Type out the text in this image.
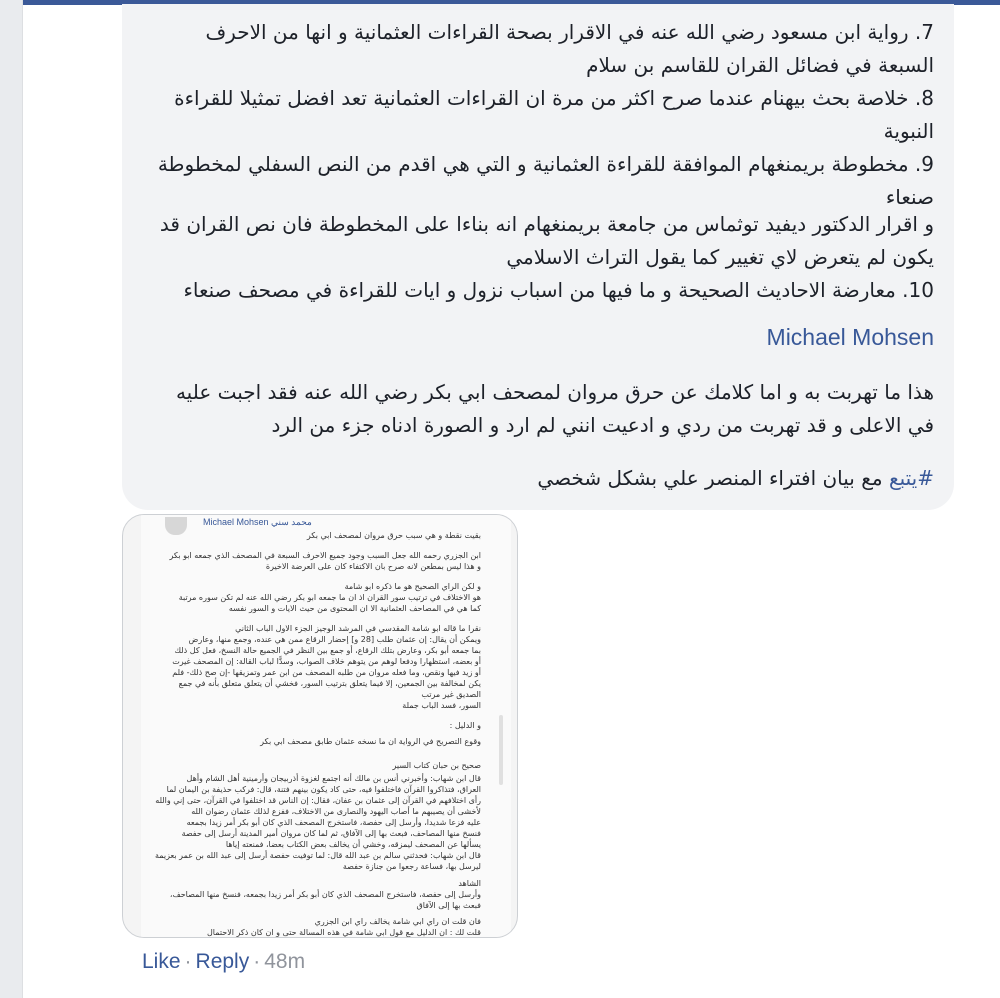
7. رواية ابن مسعود رضي الله عنه في الاقرار بصحة القراءات العثمانية و انها من الاحرف
السبعة في فضائل القران للقاسم بن سلام
8. خلاصة بحث بيهنام عندما صرح اكثر من مرة ان القراءات العثمانية تعد افضل تمثيلا للقراءة
النبوية
9. مخطوطة بريمنغهام الموافقة للقراءة العثمانية و التي هي اقدم من النص السفلي لمخطوطة
صنعاء
و اقرار الدكتور ديفيد توثماس من جامعة بريمنغهام انه بناءا على المخطوطة فان نص القران قد
يكون لم يتعرض لاي تغيير كما يقول التراث الاسلامي
10. معارضة الاحاديث الصحيحة و ما فيها من اسباب نزول و ايات للقراءة في مصحف صنعاء
Michael Mohsen
هذا ما تهربت به و اما كلامك عن حرق مروان لمصحف ابي بكر رضي الله عنه فقد اجبت عليه
في الاعلى و قد تهربت من ردي و ادعيت انني لم ارد و الصورة ادناه جزء من الرد
#يتبع مع بيان افتراء المنصر علي بشكل شخصي
Michael Mohsen محمد سني
بقيت نقطة و هي سبب حرق مروان لمصحف ابي بكر
ابن الجزري رحمه الله جعل السبب وجود جميع الاحرف السبعة في المصحف الذي جمعه ابو بكر
و هذا ليس بمطعن لانه صرح بان الاكتفاء كان على العرضة الاخيرة
و لكن الراي الصحيح هو ما ذكره ابو شامة
هو الاختلاف في ترتيب سور القران اذ ان ما جمعه ابو بكر رضي الله عنه لم تكن سوره مرتبة
كما هي في المصاحف العثمانية الا ان المحتوى من حيث الايات و السور نفسه
نقرا ما قاله ابو شامة المقدسي في المرشد الوجيز الجزء الاول الباب الثاني
ويمكن أن يقال: إن عثمان طلب [28 و] إحضار الرقاع ممن هي عنده، وجمع منها، وعارض
بما جمعه أبو بكر، وعارض بتلك الرقاع، أو جمع بين النظر في الجميع حالة النسخ، فعل كل ذلك
أو بعضه، استظهارا ودفعا لوهم من يتوهم خلاف الصواب، وسدًّا لباب القالة: إن المصحف غيرت
أو زيد فيها ونقص، وما فعله مروان من طلبه المصحف من ابن عمر وتمزيقها -إن صح ذلك- فلم
يكن لمخالفة بين الجمعين، إلا فيما يتعلق بترتيب السور، فخشي أن يتعلق متعلق بأنه في جمع
الصديق غير مرتب
السور، فسد الباب جملة
و الدليل :
وقوع التصريح في الرواية ان ما نسخه عثمان طابق مصحف ابي بكر
صحيح بن حبان كتاب السير
قال ابن شهاب: وأخبرني أنس بن مالك أنه اجتمع لغزوة أذربيجان وأرمينية أهل الشام وأهل
العراق، فتذاكروا القرآن فاختلفوا فيه، حتى كاد يكون بينهم فتنة، قال: فركب حذيفة بن اليمان لما
رأى اختلافهم في القرآن إلى عثمان بن عفان، فقال: إن الناس قد اختلفوا في القرآن، حتى إني والله
لأخشى أن يصيبهم ما أصاب اليهود والنصارى من الاختلاف، ففزع لذلك عثمان رضوان الله
عليه فزعا شديدا، وأرسل إلى حفصة، فاستخرج المصحف الذي كان أبو بكر أمر زيدا بجمعه
فنسخ منها المصاحف، فبعث بها إلى الآفاق، ثم لما كان مروان أمير المدينة أرسل إلى حفصة
يسألها عن المصحف ليمزقه، وخشي أن يخالف بعض الكتاب بعضا، فمنعته إياها
قال ابن شهاب: فحدثني سالم بن عبد الله قال: لما توفيت حفصة أرسل إلى عبد الله بن عمر بعزيمة
ليرسل بها، فساعة رجعوا من جنازة حفصة
الشاهد
وأرسل إلى حفصة، فاستخرج المصحف الذي كان أبو بكر أمر زيدا بجمعه، فنسخ منها المصاحف،
فبعث بها إلى الآفاق
فان قلت ان راي ابي شامة يخالف راي ابن الجزري
قلت لك : ان الدليل مع قول ابي شامة في هذه المسالة حتى و ان كان ذكر الاحتمال
Like · Reply · 48m
